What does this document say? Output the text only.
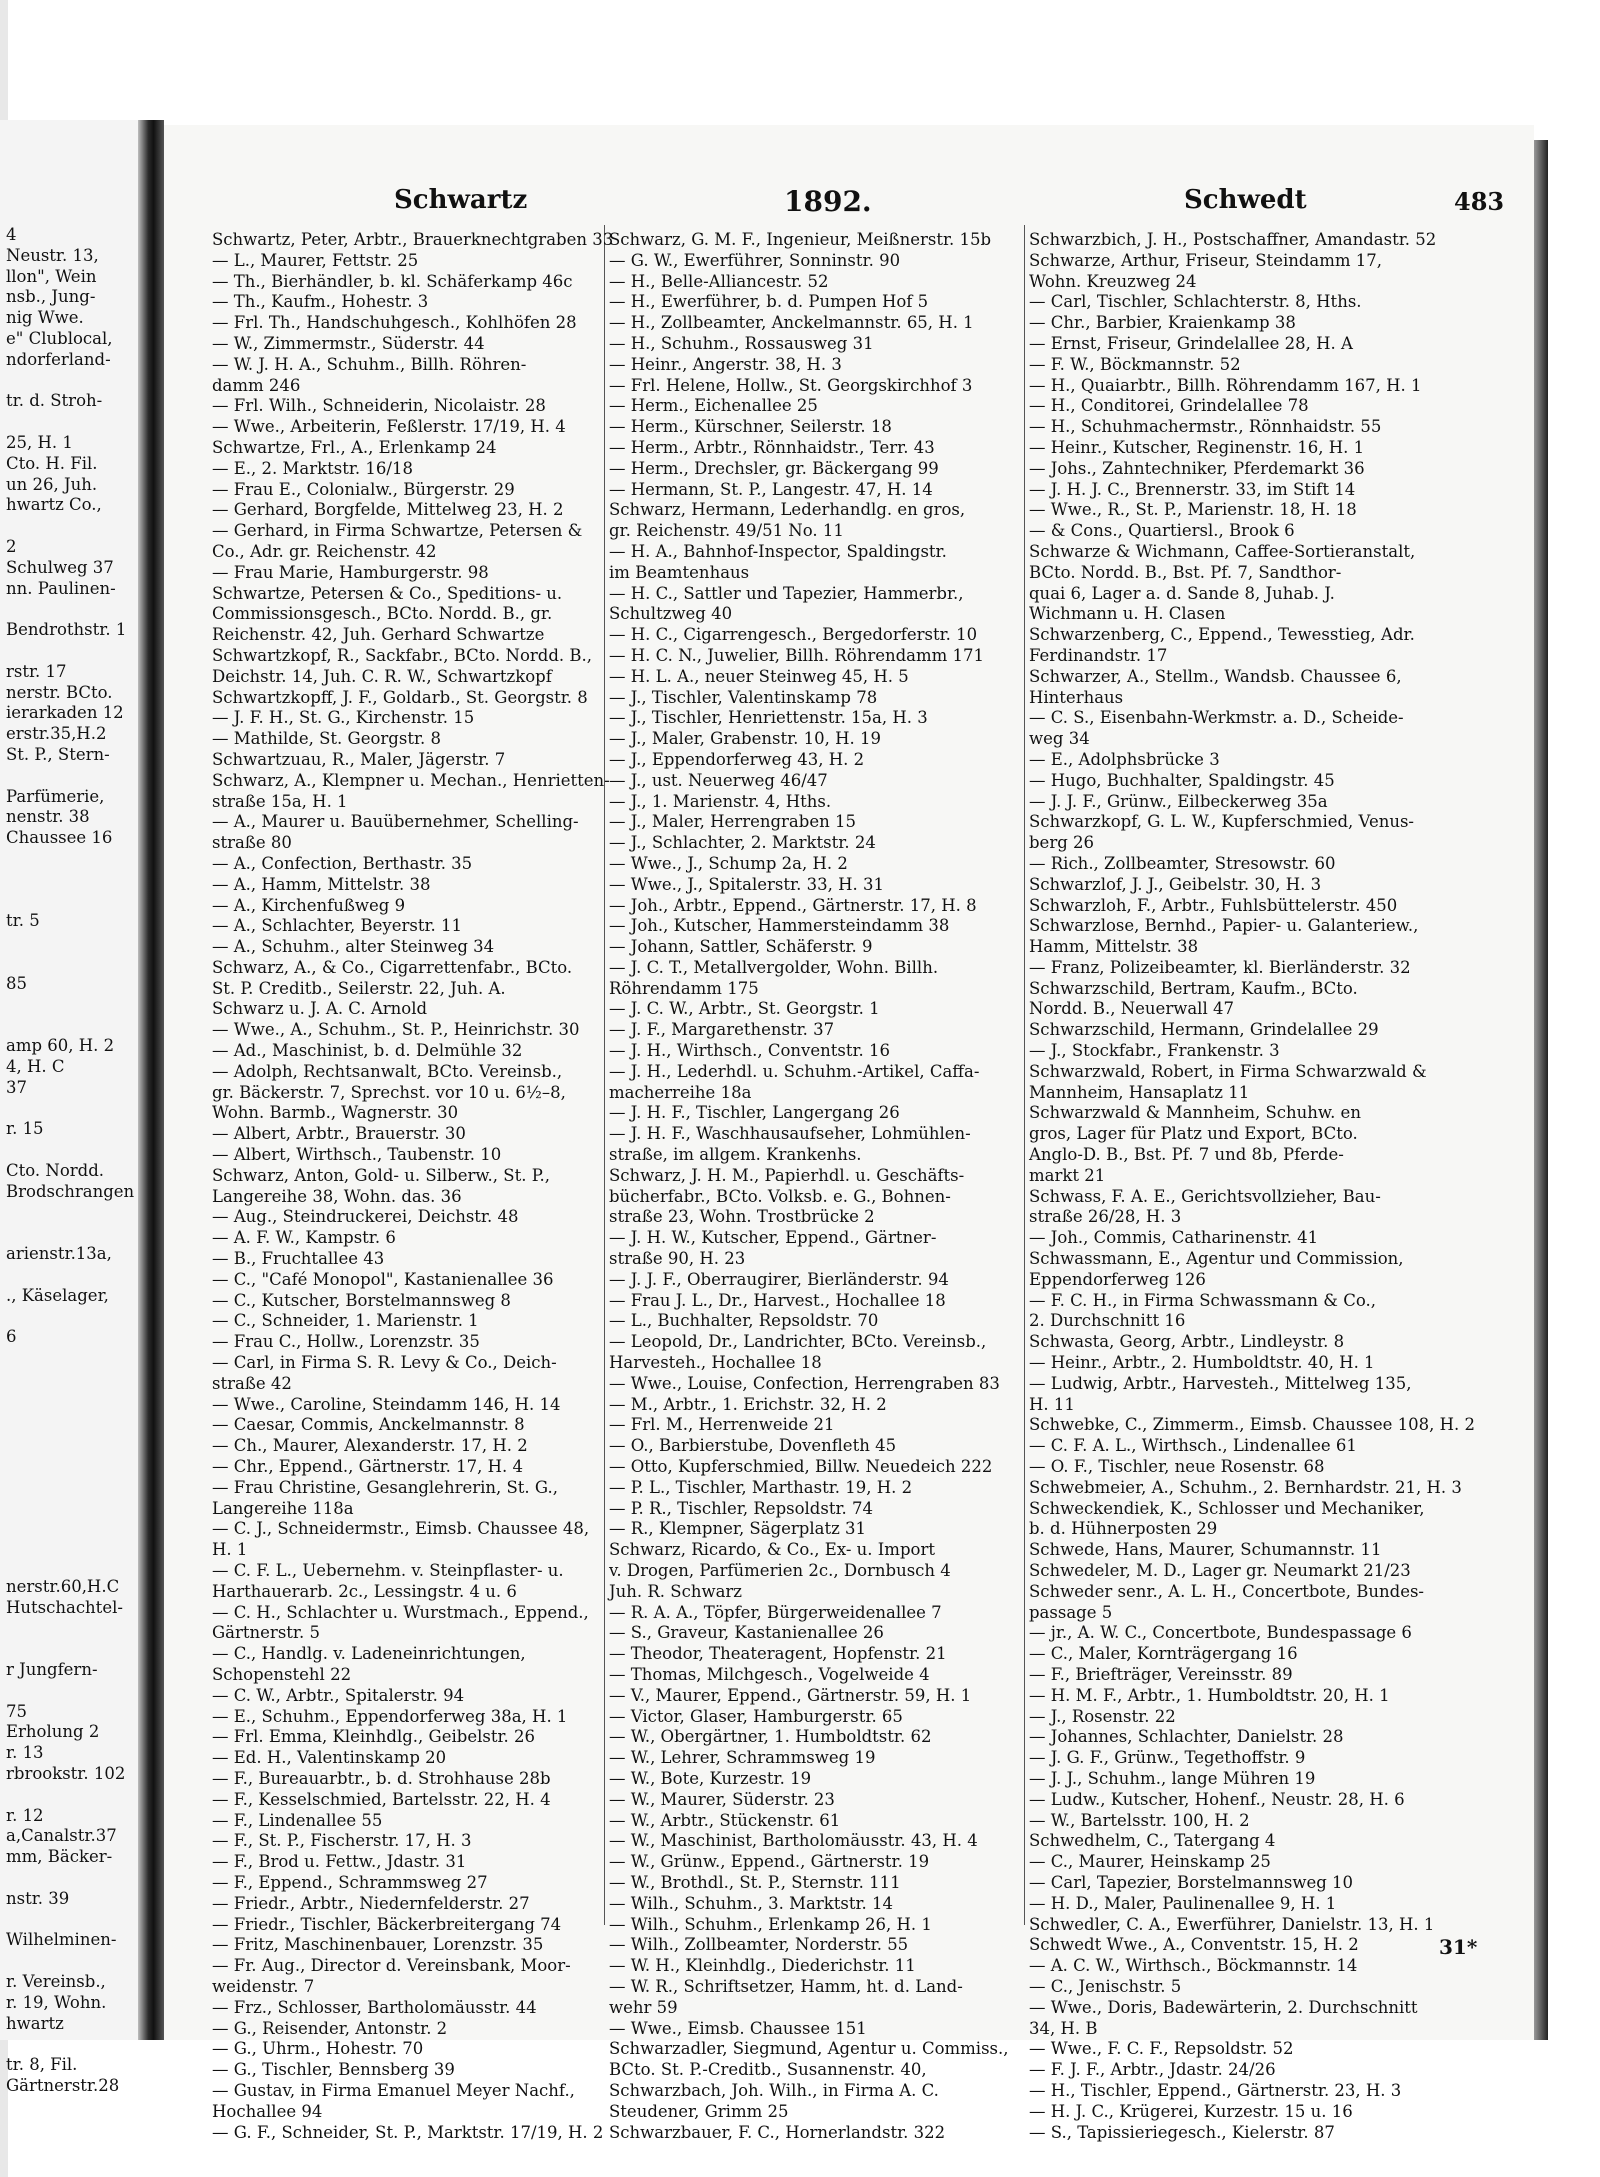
4
Neustr. 13,
llon", Wein
nsb., Jung-
nig Wwe.
e" Clublocal,
ndorferland-

tr. d. Stroh-

25, H. 1
Cto. H. Fil.
un 26, Juh.
hwartz Co.,

2
Schulweg 37
nn. Paulinen-

Bendrothstr. 1

rstr. 17
nerstr. BCto.
ierarkaden 12
erstr.35,H.2
St. P., Stern-

Parfümerie,
nenstr. 38
Chaussee 16

tr. 5

85

amp 60, H. 2
4, H. C
37

r. 15

Cto. Nordd.
Brodschrangen

arienstr.13a,

., Käselager,

6

nerstr.60,H.C
Hutschachtel-

r Jungfern-

75
Erholung 2
r. 13
rbrookstr. 102

r. 12
a,Canalstr.37
mm, Bäcker-

nstr. 39

Wilhelminen-

r. Vereinsb.,
r. 19, Wohn.
hwartz

tr. 8, Fil.
Gärtnerstr.28
Schwartz	1892.	Schwedt	483
Schwartz, Peter, Arbtr., Brauerknechtgraben 33
— L., Maurer, Fettstr. 25
— Th., Bierhändler, b. kl. Schäferkamp 46c
— Th., Kaufm., Hohestr. 3
— Frl. Th., Handschuhgesch., Kohlhöfen 28
— W., Zimmermstr., Süderstr. 44
— W. J. H. A., Schuhm., Billh. Röhren-
damm 246
— Frl. Wilh., Schneiderin, Nicolaistr. 28
— Wwe., Arbeiterin, Feßlerstr. 17/19, H. 4
Schwartze, Frl., A., Erlenkamp 24
— E., 2. Marktstr. 16/18
— Frau E., Colonialw., Bürgerstr. 29
— Gerhard, Borgfelde, Mittelweg 23, H. 2
— Gerhard, in Firma Schwartze, Petersen &
Co., Adr. gr. Reichenstr. 42
— Frau Marie, Hamburgerstr. 98
Schwartze, Petersen & Co., Speditions- u.
Commissionsgesch., BCto. Nordd. B., gr.
Reichenstr. 42, Juh. Gerhard Schwartze
Schwartzkopf, R., Sackfabr., BCto. Nordd. B.,
Deichstr. 14, Juh. C. R. W., Schwartzkopf
Schwartzkopff, J. F., Goldarb., St. Georgstr. 8
— J. F. H., St. G., Kirchenstr. 15
— Mathilde, St. Georgstr. 8
Schwartzuau, R., Maler, Jägerstr. 7
Schwarz, A., Klempner u. Mechan., Henrietten-
straße 15a, H. 1
— A., Maurer u. Bauübernehmer, Schelling-
straße 80
— A., Confection, Berthastr. 35
— A., Hamm, Mittelstr. 38
— A., Kirchenfußweg 9
— A., Schlachter, Beyerstr. 11
— A., Schuhm., alter Steinweg 34
Schwarz, A., & Co., Cigarrettenfabr., BCto.
St. P. Creditb., Seilerstr. 22, Juh. A.
Schwarz u. J. A. C. Arnold
— Wwe., A., Schuhm., St. P., Heinrichstr. 30
— Ad., Maschinist, b. d. Delmühle 32
— Adolph, Rechtsanwalt, BCto. Vereinsb.,
gr. Bäckerstr. 7, Sprechst. vor 10 u. 6½–8,
Wohn. Barmb., Wagnerstr. 30
— Albert, Arbtr., Brauerstr. 30
— Albert, Wirthsch., Taubenstr. 10
Schwarz, Anton, Gold- u. Silberw., St. P.,
Langereihe 38, Wohn. das. 36
— Aug., Steindruckerei, Deichstr. 48
— A. F. W., Kampstr. 6
— B., Fruchtallee 43
— C., "Café Monopol", Kastanienallee 36
— C., Kutscher, Borstelmannsweg 8
— C., Schneider, 1. Marienstr. 1
— Frau C., Hollw., Lorenzstr. 35
— Carl, in Firma S. R. Levy & Co., Deich-
straße 42
— Wwe., Caroline, Steindamm 146, H. 14
— Caesar, Commis, Anckelmannstr. 8
— Ch., Maurer, Alexanderstr. 17, H. 2
— Chr., Eppend., Gärtnerstr. 17, H. 4
— Frau Christine, Gesanglehrerin, St. G.,
Langereihe 118a
— C. J., Schneidermstr., Eimsb. Chaussee 48,
H. 1
— C. F. L., Uebernehm. v. Steinpflaster- u.
Harthauerarb. 2c., Lessingstr. 4 u. 6
— C. H., Schlachter u. Wurstmach., Eppend.,
Gärtnerstr. 5
— C., Handlg. v. Ladeneinrichtungen,
Schopenstehl 22
— C. W., Arbtr., Spitalerstr. 94
— E., Schuhm., Eppendorferweg 38a, H. 1
— Frl. Emma, Kleinhdlg., Geibelstr. 26
— Ed. H., Valentinskamp 20
— F., Bureauarbtr., b. d. Strohhause 28b
— F., Kesselschmied, Bartelsstr. 22, H. 4
— F., Lindenallee 55
— F., St. P., Fischerstr. 17, H. 3
— F., Brod u. Fettw., Jdastr. 31
— F., Eppend., Schrammsweg 27
— Friedr., Arbtr., Niedernfelderstr. 27
— Friedr., Tischler, Bäckerbreitergang 74
— Fritz, Maschinenbauer, Lorenzstr. 35
— Fr. Aug., Director d. Vereinsbank, Moor-
weidenstr. 7
— Frz., Schlosser, Bartholomäusstr. 44
— G., Reisender, Antonstr. 2
— G., Uhrm., Hohestr. 70
— G., Tischler, Bennsberg 39
— Gustav, in Firma Emanuel Meyer Nachf.,
Hochallee 94
— G. F., Schneider, St. P., Marktstr. 17/19, H. 2
Schwarz, G. M. F., Ingenieur, Meißnerstr. 15b
— G. W., Ewerführer, Sonninstr. 90
— H., Belle-Alliancestr. 52
— H., Ewerführer, b. d. Pumpen Hof 5
— H., Zollbeamter, Anckelmannstr. 65, H. 1
— H., Schuhm., Rossausweg 31
— Heinr., Angerstr. 38, H. 3
— Frl. Helene, Hollw., St. Georgskirchhof 3
— Herm., Eichenallee 25
— Herm., Kürschner, Seilerstr. 18
— Herm., Arbtr., Rönnhaidstr., Terr. 43
— Herm., Drechsler, gr. Bäckergang 99
— Hermann, St. P., Langestr. 47, H. 14
Schwarz, Hermann, Lederhandlg. en gros,
gr. Reichenstr. 49/51 No. 11
— H. A., Bahnhof-Inspector, Spaldingstr.
im Beamtenhaus
— H. C., Sattler und Tapezier, Hammerbr.,
Schultzweg 40
— H. C., Cigarrengesch., Bergedorferstr. 10
— H. C. N., Juwelier, Billh. Röhrendamm 171
— H. L. A., neuer Steinweg 45, H. 5
— J., Tischler, Valentinskamp 78
— J., Tischler, Henriettenstr. 15a, H. 3
— J., Maler, Grabenstr. 10, H. 19
— J., Eppendorferweg 43, H. 2
— J., ust. Neuerweg 46/47
— J., 1. Marienstr. 4, Hths.
— J., Maler, Herrengraben 15
— J., Schlachter, 2. Marktstr. 24
— Wwe., J., Schump 2a, H. 2
— Wwe., J., Spitalerstr. 33, H. 31
— Joh., Arbtr., Eppend., Gärtnerstr. 17, H. 8
— Joh., Kutscher, Hammersteindamm 38
— Johann, Sattler, Schäferstr. 9
— J. C. T., Metallvergolder, Wohn. Billh.
Röhrendamm 175
— J. C. W., Arbtr., St. Georgstr. 1
— J. F., Margarethenstr. 37
— J. H., Wirthsch., Conventstr. 16
— J. H., Lederhdl. u. Schuhm.-Artikel, Caffa-
macherreihe 18a
— J. H. F., Tischler, Langergang 26
— J. H. F., Waschhausaufseher, Lohmühlen-
straße, im allgem. Krankenhs.
Schwarz, J. H. M., Papierhdl. u. Geschäfts-
bücherfabr., BCto. Volksb. e. G., Bohnen-
straße 23, Wohn. Trostbrücke 2
— J. H. W., Kutscher, Eppend., Gärtner-
straße 90, H. 23
— J. J. F., Oberraugirer, Bierländerstr. 94
— Frau J. L., Dr., Harvest., Hochallee 18
— L., Buchhalter, Repsoldstr. 70
— Leopold, Dr., Landrichter, BCto. Vereinsb.,
Harvesteh., Hochallee 18
— Wwe., Louise, Confection, Herrengraben 83
— M., Arbtr., 1. Erichstr. 32, H. 2
— Frl. M., Herrenweide 21
— O., Barbierstube, Dovenfleth 45
— Otto, Kupferschmied, Billw. Neuedeich 222
— P. L., Tischler, Marthastr. 19, H. 2
— P. R., Tischler, Repsoldstr. 74
— R., Klempner, Sägerplatz 31
Schwarz, Ricardo, & Co., Ex- u. Import
v. Drogen, Parfümerien 2c., Dornbusch 4
Juh. R. Schwarz
— R. A. A., Töpfer, Bürgerweidenallee 7
— S., Graveur, Kastanienallee 26
— Theodor, Theateragent, Hopfenstr. 21
— Thomas, Milchgesch., Vogelweide 4
— V., Maurer, Eppend., Gärtnerstr. 59, H. 1
— Victor, Glaser, Hamburgerstr. 65
— W., Obergärtner, 1. Humboldtstr. 62
— W., Lehrer, Schrammsweg 19
— W., Bote, Kurzestr. 19
— W., Maurer, Süderstr. 23
— W., Arbtr., Stückenstr. 61
— W., Maschinist, Bartholomäusstr. 43, H. 4
— W., Grünw., Eppend., Gärtnerstr. 19
— W., Brothdl., St. P., Sternstr. 111
— Wilh., Schuhm., 3. Marktstr. 14
— Wilh., Schuhm., Erlenkamp 26, H. 1
— Wilh., Zollbeamter, Norderstr. 55
— W. H., Kleinhdlg., Diederichstr. 11
— W. R., Schriftsetzer, Hamm, ht. d. Land-
wehr 59
— Wwe., Eimsb. Chaussee 151
Schwarzadler, Siegmund, Agentur u. Commiss.,
BCto. St. P.-Creditb., Susannenstr. 40,
Schwarzbach, Joh. Wilh., in Firma A. C.
Steudener, Grimm 25
Schwarzbauer, F. C., Hornerlandstr. 322
Schwarzbich, J. H., Postschaffner, Amandastr. 52
Schwarze, Arthur, Friseur, Steindamm 17,
Wohn. Kreuzweg 24
— Carl, Tischler, Schlachterstr. 8, Hths.
— Chr., Barbier, Kraienkamp 38
— Ernst, Friseur, Grindelallee 28, H. A
— F. W., Böckmannstr. 52
— H., Quaiarbtr., Billh. Röhrendamm 167, H. 1
— H., Conditorei, Grindelallee 78
— H., Schuhmachermstr., Rönnhaidstr. 55
— Heinr., Kutscher, Reginenstr. 16, H. 1
— Johs., Zahntechniker, Pferdemarkt 36
— J. H. J. C., Brennerstr. 33, im Stift 14
— Wwe., R., St. P., Marienstr. 18, H. 18
— & Cons., Quartiersl., Brook 6
Schwarze & Wichmann, Caffee-Sortieranstalt,
BCto. Nordd. B., Bst. Pf. 7, Sandthor-
quai 6, Lager a. d. Sande 8, Juhab. J.
Wichmann u. H. Clasen
Schwarzenberg, C., Eppend., Tewesstieg, Adr.
Ferdinandstr. 17
Schwarzer, A., Stellm., Wandsb. Chaussee 6,
Hinterhaus
— C. S., Eisenbahn-Werkmstr. a. D., Scheide-
weg 34
— E., Adolphsbrücke 3
— Hugo, Buchhalter, Spaldingstr. 45
— J. J. F., Grünw., Eilbeckerweg 35a
Schwarzkopf, G. L. W., Kupferschmied, Venus-
berg 26
— Rich., Zollbeamter, Stresowstr. 60
Schwarzlof, J. J., Geibelstr. 30, H. 3
Schwarzloh, F., Arbtr., Fuhlsbüttelerstr. 450
Schwarzlose, Bernhd., Papier- u. Galanteriew.,
Hamm, Mittelstr. 38
— Franz, Polizeibeamter, kl. Bierländerstr. 32
Schwarzschild, Bertram, Kaufm., BCto.
Nordd. B., Neuerwall 47
Schwarzschild, Hermann, Grindelallee 29
— J., Stockfabr., Frankenstr. 3
Schwarzwald, Robert, in Firma Schwarzwald &
Mannheim, Hansaplatz 11
Schwarzwald & Mannheim, Schuhw. en
gros, Lager für Platz und Export, BCto.
Anglo-D. B., Bst. Pf. 7 und 8b, Pferde-
markt 21
Schwass, F. A. E., Gerichtsvollzieher, Bau-
straße 26/28, H. 3
— Joh., Commis, Catharinenstr. 41
Schwassmann, E., Agentur und Commission,
Eppendorferweg 126
— F. C. H., in Firma Schwassmann & Co.,
2. Durchschnitt 16
Schwasta, Georg, Arbtr., Lindleystr. 8
— Heinr., Arbtr., 2. Humboldtstr. 40, H. 1
— Ludwig, Arbtr., Harvesteh., Mittelweg 135,
H. 11
Schwebke, C., Zimmerm., Eimsb. Chaussee 108, H. 2
— C. F. A. L., Wirthsch., Lindenallee 61
— O. F., Tischler, neue Rosenstr. 68
Schwebmeier, A., Schuhm., 2. Bernhardstr. 21, H. 3
Schweckendiek, K., Schlosser und Mechaniker,
b. d. Hühnerposten 29
Schwede, Hans, Maurer, Schumannstr. 11
Schwedeler, M. D., Lager gr. Neumarkt 21/23
Schweder senr., A. L. H., Concertbote, Bundes-
passage 5
— jr., A. W. C., Concertbote, Bundespassage 6
— C., Maler, Kornträgergang 16
— F., Briefträger, Vereinsstr. 89
— H. M. F., Arbtr., 1. Humboldtstr. 20, H. 1
— J., Rosenstr. 22
— Johannes, Schlachter, Danielstr. 28
— J. G. F., Grünw., Tegethoffstr. 9
— J. J., Schuhm., lange Mühren 19
— Ludw., Kutscher, Hohenf., Neustr. 28, H. 6
— W., Bartelsstr. 100, H. 2
Schwedhelm, C., Tatergang 4
— C., Maurer, Heinskamp 25
— Carl, Tapezier, Borstelmannsweg 10
— H. D., Maler, Paulinenallee 9, H. 1
Schwedler, C. A., Ewerführer, Danielstr. 13, H. 1
Schwedt Wwe., A., Conventstr. 15, H. 2
— A. C. W., Wirthsch., Böckmannstr. 14
— C., Jenischstr. 5
— Wwe., Doris, Badewärterin, 2. Durchschnitt
34, H. B
— Wwe., F. C. F., Repsoldstr. 52
— F. J. F., Arbtr., Jdastr. 24/26
— H., Tischler, Eppend., Gärtnerstr. 23, H. 3
— H. J. C., Krügerei, Kurzestr. 15 u. 16
— S., Tapissieriegesch., Kielerstr. 87
31*
